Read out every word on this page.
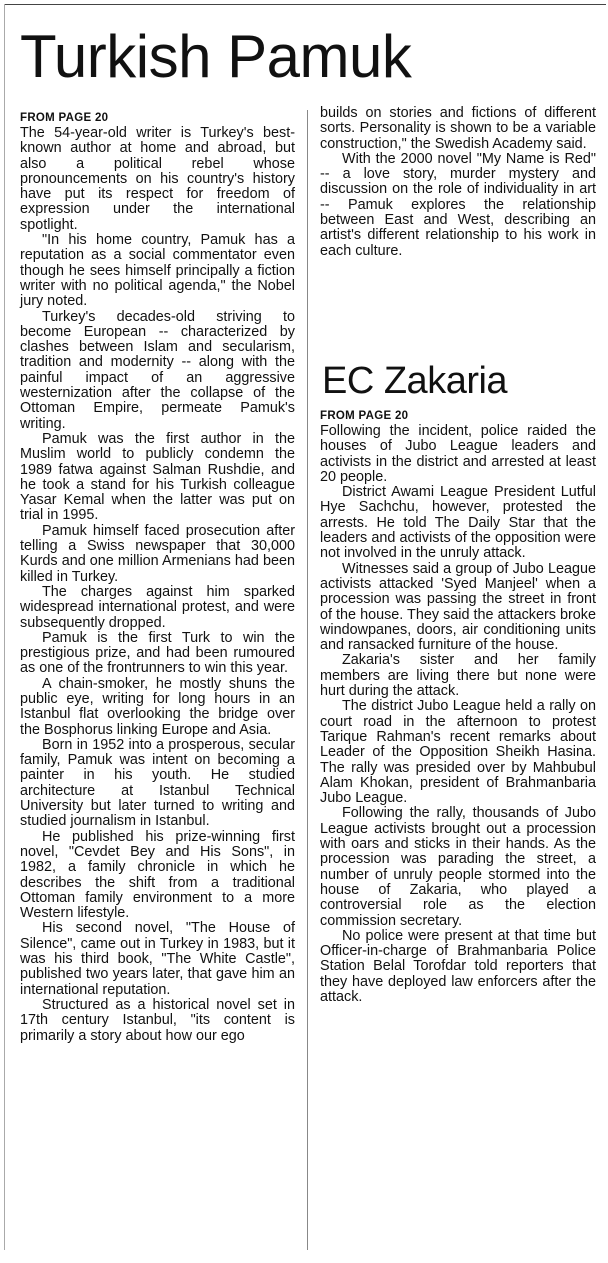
Turkish Pamuk
FROM PAGE 20

The 54-year-old writer is Turkey's best-known author at home and abroad, but also a political rebel whose pronouncements on his country's history have put its respect for freedom of expression under the international spotlight.

"In his home country, Pamuk has a reputation as a social commentator even though he sees himself principally a fiction writer with no political agenda," the Nobel jury noted.

Turkey's decades-old striving to become European -- characterized by clashes between Islam and secularism, tradition and modernity -- along with the painful impact of an aggressive westernization after the collapse of the Ottoman Empire, permeate Pamuk's writing.

Pamuk was the first author in the Muslim world to publicly condemn the 1989 fatwa against Salman Rushdie, and he took a stand for his Turkish colleague Yasar Kemal when the latter was put on trial in 1995.

Pamuk himself faced prosecution after telling a Swiss newspaper that 30,000 Kurds and one million Armenians had been killed in Turkey.

The charges against him sparked widespread international protest, and were subsequently dropped.

Pamuk is the first Turk to win the prestigious prize, and had been rumoured as one of the frontrunners to win this year.

A chain-smoker, he mostly shuns the public eye, writing for long hours in an Istanbul flat overlooking the bridge over the Bosphorus linking Europe and Asia.

Born in 1952 into a prosperous, secular family, Pamuk was intent on becoming a painter in his youth. He studied architecture at Istanbul Technical University but later turned to writing and studied journalism in Istanbul.

He published his prize-winning first novel, "Cevdet Bey and His Sons", in 1982, a family chronicle in which he describes the shift from a traditional Ottoman family environment to a more Western lifestyle.

His second novel, "The House of Silence", came out in Turkey in 1983, but it was his third book, "The White Castle", published two years later, that gave him an international reputation.

Structured as a historical novel set in 17th century Istanbul, "its content is primarily a story about how our ego

builds on stories and fictions of different sorts. Personality is shown to be a variable construction," the Swedish Academy said.

With the 2000 novel "My Name is Red" -- a love story, murder mystery and discussion on the role of individuality in art -- Pamuk explores the relationship between East and West, describing an artist's different relationship to his work in each culture.

EC Zakaria
FROM PAGE 20

Following the incident, police raided the houses of Jubo League leaders and activists in the district and arrested at least 20 people.

District Awami League President Lutful Hye Sachchu, however, protested the arrests. He told The Daily Star that the leaders and activists of the opposition were not involved in the unruly attack.

Witnesses said a group of Jubo League activists attacked 'Syed Manjeel' when a procession was passing the street in front of the house. They said the attackers broke windowpanes, doors, air conditioning units and ransacked furniture of the house.

Zakaria's sister and her family members are living there but none were hurt during the attack.

The district Jubo League held a rally on court road in the afternoon to protest Tarique Rahman's recent remarks about Leader of the Opposition Sheikh Hasina. The rally was presided over by Mahbubul Alam Khokan, president of Brahmanbaria Jubo League.

Following the rally, thousands of Jubo League activists brought out a procession with oars and sticks in their hands. As the procession was parading the street, a number of unruly people stormed into the house of Zakaria, who played a controversial role as the election commission secretary.

No police were present at that time but Officer-in-charge of Brahmanbaria Police Station Belal Torofdar told reporters that they have deployed law enforcers after the attack.
